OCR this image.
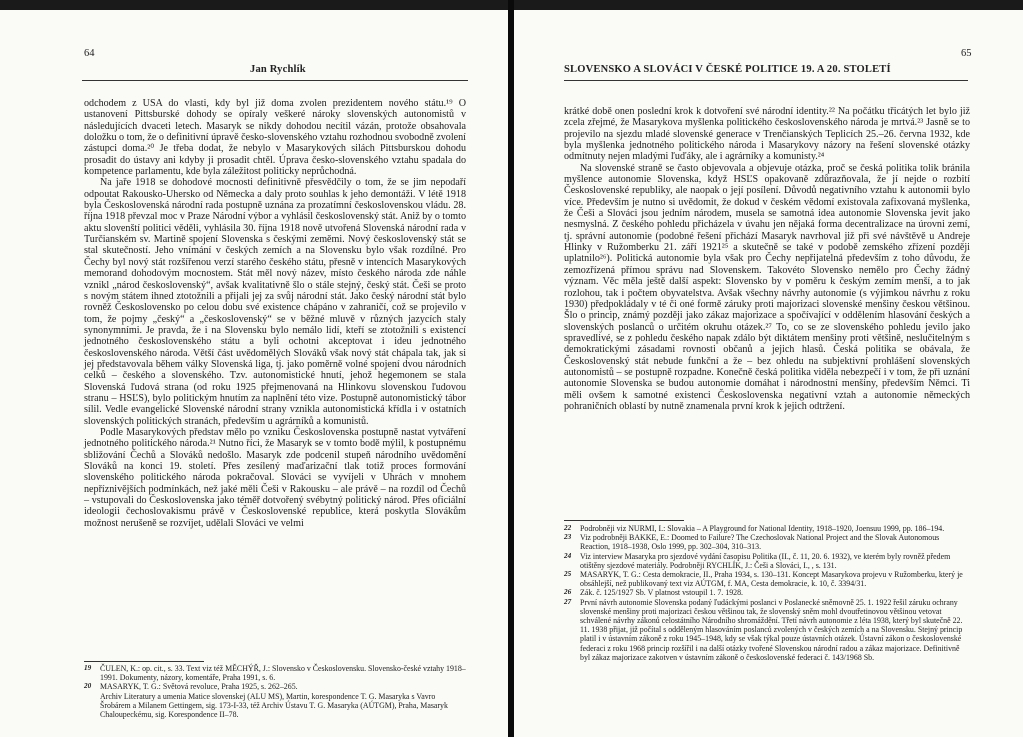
64
Jan Rychlík

odchodem z USA do vlasti, kdy byl již doma zvolen prezidentem nového státu.¹⁹ O ustanovení Pittsburské dohody se opíraly veškeré nároky slovenských autonomistů v následujících dvaceti letech. Masaryk se nikdy dohodou necítil vázán, protože obsahovala doložku o tom, že o definitivní úpravě česko-slovenského vztahu rozhodnou svobodně zvolení zástupci doma.²⁰ Je třeba dodat, že nebylo v Masarykových silách Pittsburskou dohodu prosadit do ústavy ani kdyby ji prosadit chtěl. Úprava česko-slovenského vztahu spadala do kompetence parlamentu, kde byla záležitost politicky neprůchodná.

Na jaře 1918 se dohodové mocnosti definitivně přesvědčily o tom, že se jim nepodaří odpoutat Rakousko-Uhersko od Německa a daly proto souhlas k jeho demontáži. V létě 1918 byla Československá národní rada postupně uznána za prozatímní československou vládu. 28. října 1918 převzal moc v Praze Národní výbor a vyhlásil československý stát. Aniž by o tomto aktu slovenští politici věděli, vyhlásila 30. října 1918 nově utvořená Slovenská národní rada v Turčianském sv. Martině spojení Slovenska s českými zeměmi. Nový československý stát se stal skutečností. Jeho vnímání v českých zemích a na Slovensku bylo však rozdílné. Pro Čechy byl nový stát rozšířenou verzí starého českého státu, přesně v intencích Masarykových memorand dohodovým mocnostem. Stát měl nový název, místo českého národa zde náhle vznikl „národ československý“, avšak kvalitativně šlo o stále stejný, český stát. Češi se proto s novým státem ihned ztotožnili a přijali jej za svůj národní stát. Jako český národní stát bylo rovněž Československo po celou dobu své existence chápáno v zahraničí, což se projevilo v tom, že pojmy „český“ a „československý“ se v běžné mluvě v různých jazycích staly synonymními. Je pravda, že i na Slovensku bylo nemálo lidí, kteří se ztotožnili s existencí jednotného československého státu a byli ochotni akceptovat i ideu jednotného československého národa. Větší část uvědomělých Slováků však nový stát chápala tak, jak si jej představovala během války Slovenská liga, tj. jako poměrně volné spojení dvou národních celků – českého a slovenského. Tzv. autonomistické hnutí, jehož hegemonem se stala Slovenská ľudová strana (od roku 1925 přejmenovaná na Hlinkovu slovenskou ľudovou stranu – HSĽS), bylo politickým hnutím za naplnění této vize. Postupně autonomistický tábor sílil. Vedle evangelické Slovenské národní strany vznikla autonomistická křídla i v ostatních slovenských politických stranách, především u agrárníků a komunistů.

Podle Masarykových představ mělo po vzniku Československa postupně nastat vytváření jednotného politického národa.²¹ Nutno říci, že Masaryk se v tomto bodě mýlil, k postupnému sbližování Čechů a Slováků nedošlo. Masaryk zde podcenil stupeň národního uvědomění Slováků na konci 19. století. Přes zesílený maďarizační tlak totiž proces formování slovenského politického národa pokračoval. Slováci se vyvíjeli v Uhrách v mnohem nepříznivějších podmínkách, než jaké měli Češi v Rakousku – ale právě – na rozdíl od Čechů – vstupovali do Československa jako téměř dotvořený svébytný politický národ. Přes oficiální ideologii čechoslovakismu právě v Československé republice, která poskytla Slovákům možnost nerušeně se rozvíjet, udělali Slováci ve velmi

19	ČULEN, K.: op. cit., s. 33. Text viz též MĚCHÝŘ, J.: Slovensko v Československu. Slovensko-české vztahy 1918–1991. Dokumenty, názory, komentáře, Praha 1991, s. 6.
20	MASARYK, T. G.: Světová revoluce, Praha 1925, s. 262–265.
Archiv Literatury a umenia Matice slovenskej (ALU MS), Martin, korespondence T. G. Masaryka s Vavro Šrobárem a Milanem Gettingem, sig. 173-I-33, též Archiv Ústavu T. G. Masaryka (AÚTGM), Praha, Masaryk Chaloupeckému, sig. Korespondence II–78.
65
SLOVENSKO A SLOVÁCI V ČESKÉ POLITICE 19. A 20. STOLETÍ

krátké době onen poslední krok k dotvoření své národní identity.²² Na počátku třicátých let bylo již zcela zřejmé, že Masarykova myšlenka politického československého národa je mrtvá.²³ Jasně se to projevilo na sjezdu mladé slovenské generace v Trenčianských Teplicích 25.–26. června 1932, kde byla myšlenka jednotného politického národa i Masarykovy názory na řešení slovenské otázky odmítnuty nejen mladými ľuďáky, ale i agrárníky a komunisty.²⁴

Na slovenské straně se často objevovala a objevuje otázka, proč se česká politika tolik bránila myšlence autonomie Slovenska, když HSĽS opakovaně zdůrazňovala, že jí nejde o rozbití Československé republiky, ale naopak o její posílení. Důvodů negativního vztahu k autonomii bylo více. Především je nutno si uvědomit, že dokud v českém vědomí existovala zafixovaná myšlenka, že Češi a Slováci jsou jedním národem, musela se samotná idea autonomie Slovenska jevit jako nesmyslná. Z českého pohledu přicházela v úvahu jen nějaká forma decentralizace na úrovni zemí, tj. správní autonomie (podobné řešení přichází Masaryk navrhoval již při své návštěvě u Andreje Hlinky v Ružomberku 21. září 1921²⁵ a skutečně se také v podobě zemského zřízení později uplatnilo²⁶). Politická autonomie byla však pro Čechy nepřijatelná především z toho důvodu, že zemozřízená přímou správu nad Slovenskem. Takovéto Slovensko nemělo pro Čechy žádný význam. Věc měla ještě další aspekt: Slovensko by v poměru k českým zemím menší, a to jak rozlohou, tak i počtem obyvatelstva. Avšak všechny návrhy autonomie (s výjimkou návrhu z roku 1930) předpokládaly v té či oné formě záruky proti majorizaci slovenské menšiny českou většinou. Šlo o princip, známý později jako zákaz majorizace a spočívající v oddělením hlasování českých a slovenských poslanců o určitém okruhu otázek.²⁷ To, co se ze slovenského pohledu jevilo jako spravedlivé, se z pohledu českého napak zdálo být diktátem menšiny proti většině, neslučitelným s demokratickými zásadami rovnosti občanů a jejich hlasů. Česká politika se obávala, že Československý stát nebude funkční a že – bez ohledu na subjektivní prohlášení slovenských autonomistů – se postupně rozpadne. Konečně česká politika viděla nebezpečí i v tom, že při uznání autonomie Slovenska se budou autonomie domáhat i národnostní menšiny, především Němci. Ti měli ovšem k samotné existenci Československa negativní vztah a autonomie německých pohraničních oblastí by nutně znamenala první krok k jejich odtržení.

22	Podrobněji viz NURMI, I.: Slovakia – A Playground for National Identity, 1918–1920, Joensuu 1999, pp. 186–194.
23	Viz podrobněji BAKKE, E.: Doomed to Failure? The Czechoslovak National Project and the Slovak Autonomous Reaction, 1918–1938, Oslo 1999, pp. 302–304, 310–313.
24	Viz interview Masaryka pro sjezdové vydání časopisu Politika (II., č. 11, 20. 6. 1932), ve kterém byly rovněž předem otištěny sjezdové materiály. Podrobněji RYCHLÍK, J.: Češi a Slováci, I., , s. 131.
25	MASARYK, T. G.: Cesta demokracie, II., Praha 1934, s. 130–131. Koncept Masarykova projevu v Ružomberku, který je obsáhlejší, než publikovaný text viz AÚTGM, f. MA, Cesta demokracie, k. 10, č. 3394/31.
26	Zák. č. 125/1927 Sb. V platnost vstoupil 1. 7. 1928.
27	První návrh autonomie Slovenska podaný ľudáckými poslanci v Poslanecké sněmovně 25. 1. 1922 řešil záruku ochrany slovenské menšiny proti majorizaci českou většinou tak, že slovenský sněm mohl dvoutřetinovou většinou vetovat schválené návrhy zákonů celostátního Národního shromáždění. Třetí návrh autonomie z léta 1938, který byl skutečně 22. 11. 1938 přijat, již počítal s odděleným hlasováním poslanců zvolených v českých zemích a na Slovensku. Stejný princip platil i v ústavním zákoně z roku 1945–1948, kdy se však týkal pouze ústavních otázek. Ústavní zákon o československé federaci z roku 1968 princip rozšířil i na další otázky tvořené Slovenskou národní radou a zákaz majorizace. Definitivně byl zákaz majorizace zakotven v ústavním zákoně o československé federaci č. 143/1968 Sb.
